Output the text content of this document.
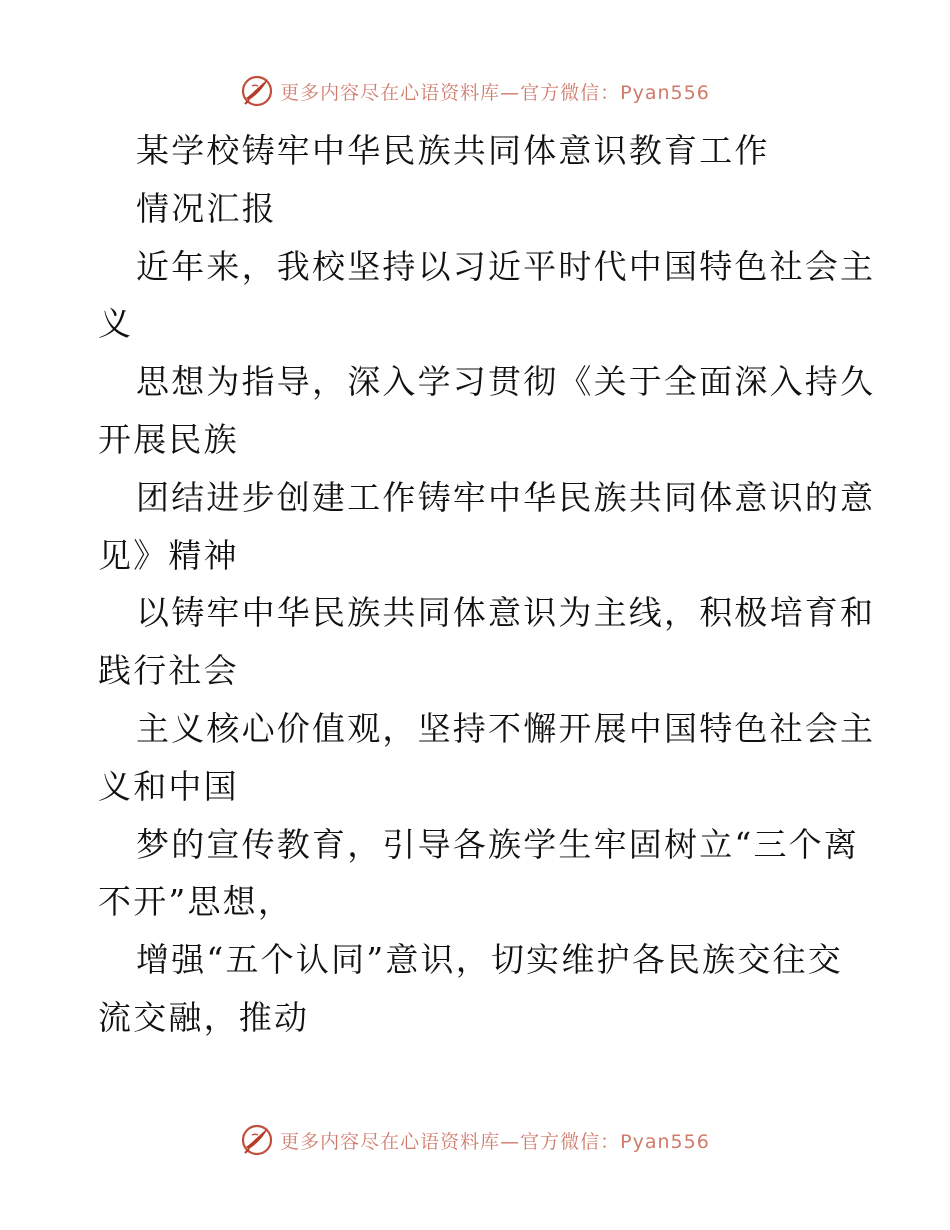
更多内容尽在心语资料库—官方微信：Pyan556

某学校铸牢中华民族共同体意识教育工作

情况汇报

近年来，我校坚持以习近平时代中国特色社会主

义

思想为指导，深入学习贯彻《关于全面深入持久

开展民族

团结进步创建工作铸牢中华民族共同体意识的意

见》精神

以铸牢中华民族共同体意识为主线，积极培育和

践行社会

主义核心价值观，坚持不懈开展中国特色社会主

义和中国

梦的宣传教育，引导各族学生牢固树立“三个离

不开”思想，

增强“五个认同”意识，切实维护各民族交往交

流交融，推动

更多内容尽在心语资料库—官方微信：Pyan556
